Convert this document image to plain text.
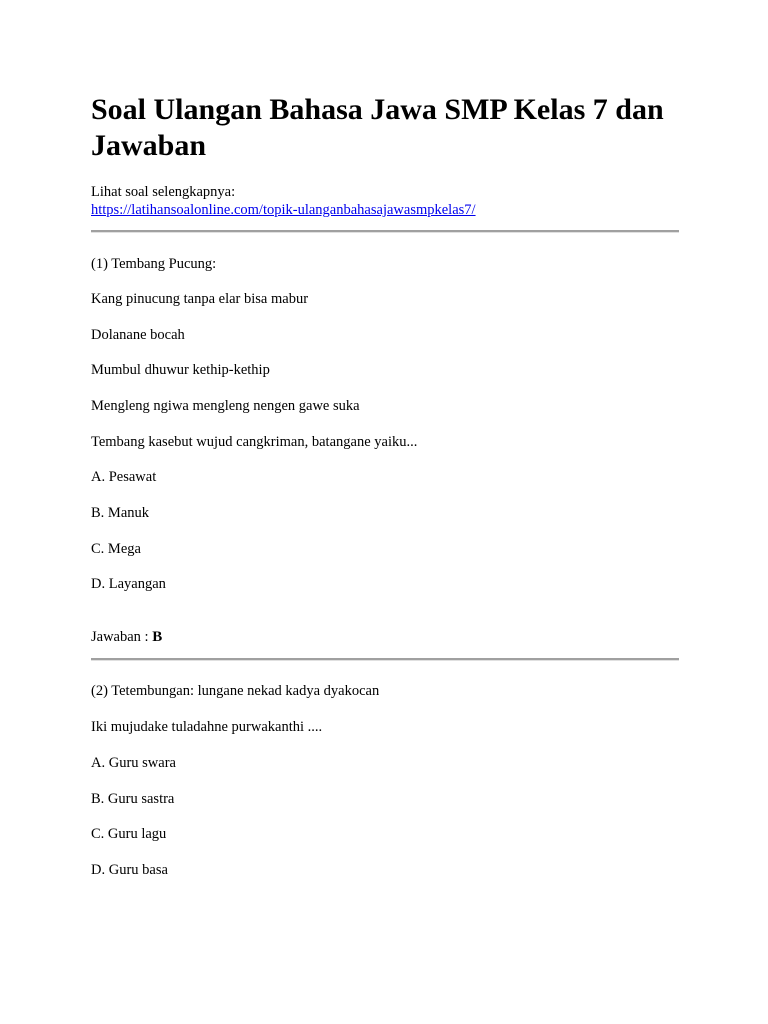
Soal Ulangan Bahasa Jawa SMP Kelas 7 dan Jawaban
Lihat soal selengkapnya:
https://latihansoalonline.com/topik-ulanganbahasajawasmpkelas7/
(1) Tembang Pucung:
Kang pinucung tanpa elar bisa mabur
Dolanane bocah
Mumbul dhuwur kethip-kethip
Mengleng ngiwa mengleng nengen gawe suka
Tembang kasebut wujud cangkriman, batangane yaiku...
A. Pesawat
B. Manuk
C. Mega
D. Layangan
Jawaban : B
(2) Tetembungan: lungane nekad kadya dyakocan
Iki mujudake tuladahne purwakanthi ....
A. Guru swara
B. Guru sastra
C. Guru lagu
D. Guru basa
